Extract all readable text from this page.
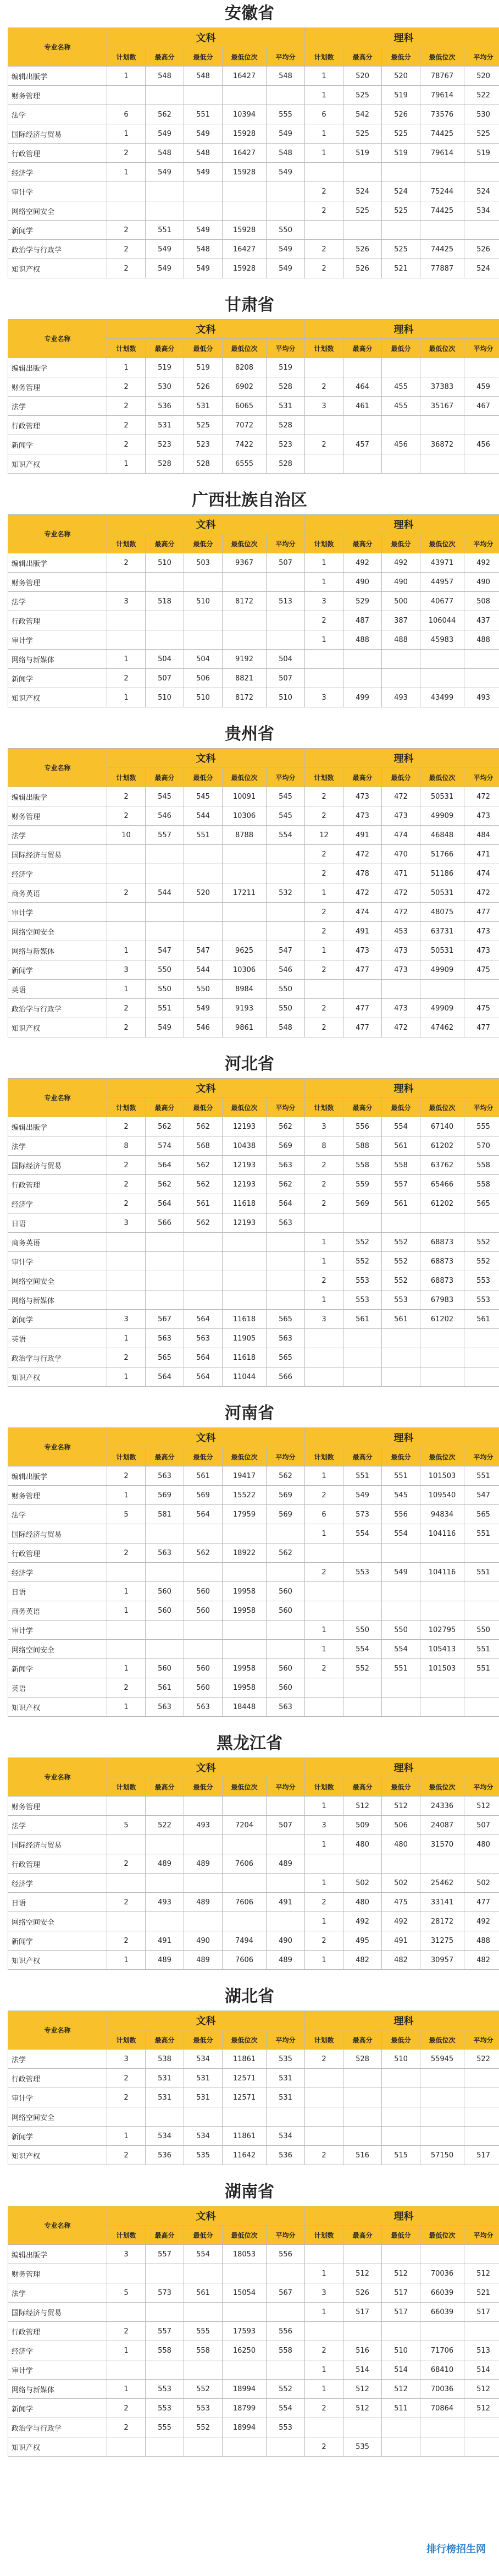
安徽省
专业名称	文科					理科				
	计划数	最高分	最低分	最低位次	平均分	计划数	最高分	最低分	最低位次	平均分
编辑出版学	1	548	548	16427	548	1	520	520	78767	520
财务管理						1	525	519	79614	522
法学	6	562	551	10394	555	6	542	526	73576	530
国际经济与贸易	1	549	549	15928	549	1	525	525	74425	525
行政管理	2	548	548	16427	548	1	519	519	79614	519
经济学	1	549	549	15928	549					
审计学						2	524	524	75244	524
网络空间安全						2	525	525	74425	534
新闻学	2	551	549	15928	550					
政治学与行政学	2	549	548	16427	549	2	526	525	74425	526
知识产权	2	549	549	15928	549	2	526	521	77887	524
甘肃省
专业名称	文科					理科				
	计划数	最高分	最低分	最低位次	平均分	计划数	最高分	最低分	最低位次	平均分
编辑出版学	1	519	519	8208	519					
财务管理	2	530	526	6902	528	2	464	455	37383	459
法学	2	536	531	6065	531	3	461	455	35167	467
行政管理	2	531	525	7072	528					
新闻学	2	523	523	7422	523	2	457	456	36872	456
知识产权	1	528	528	6555	528					
广西壮族自治区
专业名称	文科					理科				
	计划数	最高分	最低分	最低位次	平均分	计划数	最高分	最低分	最低位次	平均分
编辑出版学	2	510	503	9367	507	1	492	492	43971	492
财务管理						1	490	490	44957	490
法学	3	518	510	8172	513	3	529	500	40677	508
行政管理						2	487	387	106044	437
审计学						1	488	488	45983	488
网络与新媒体	1	504	504	9192	504					
新闻学	2	507	506	8821	507					
知识产权	1	510	510	8172	510	3	499	493	43499	493
贵州省
专业名称	文科					理科				
	计划数	最高分	最低分	最低位次	平均分	计划数	最高分	最低分	最低位次	平均分
编辑出版学	2	545	545	10091	545	2	473	472	50531	472
财务管理	2	546	544	10306	545	2	473	473	49909	473
法学	10	557	551	8788	554	12	491	474	46848	484
国际经济与贸易						2	472	470	51766	471
经济学						2	478	471	51186	474
商务英语	2	544	520	17211	532	1	472	472	50531	472
审计学						2	474	472	48075	477
网络空间安全						2	491	453	63731	473
网络与新媒体	1	547	547	9625	547	1	473	473	50531	473
新闻学	3	550	544	10306	546	2	477	473	49909	475
英语	1	550	550	8984	550					
政治学与行政学	2	551	549	9193	550	2	477	473	49909	475
知识产权	2	549	546	9861	548	2	477	472	47462	477
河北省
专业名称	文科					理科				
	计划数	最高分	最低分	最低位次	平均分	计划数	最高分	最低分	最低位次	平均分
编辑出版学	2	562	562	12193	562	3	556	554	67140	555
法学	8	574	568	10438	569	8	588	561	61202	570
国际经济与贸易	2	564	562	12193	563	2	558	558	63762	558
行政管理	2	562	562	12193	562	2	559	557	65466	558
经济学	2	564	561	11618	564	2	569	561	61202	565
日语	3	566	562	12193	563					
商务英语						1	552	552	68873	552
审计学						1	552	552	68873	552
网络空间安全						2	553	552	68873	553
网络与新媒体						1	553	553	67983	553
新闻学	3	567	564	11618	565	3	561	561	61202	561
英语	1	563	563	11905	563					
政治学与行政学	2	565	564	11618	565					
知识产权	1	564	564	11044	566					
河南省
专业名称	文科					理科				
	计划数	最高分	最低分	最低位次	平均分	计划数	最高分	最低分	最低位次	平均分
编辑出版学	2	563	561	19417	562	1	551	551	101503	551
财务管理	1	569	569	15522	569	2	549	545	109540	547
法学	5	581	564	17959	569	6	573	556	94834	565
国际经济与贸易						1	554	554	104116	551
行政管理	2	563	562	18922	562					
经济学						2	553	549	104116	551
日语	1	560	560	19958	560					
商务英语	1	560	560	19958	560					
审计学						1	550	550	102795	550
网络空间安全						1	554	554	105413	551
新闻学	1	560	560	19958	560	2	552	551	101503	551
英语	2	561	560	19958	560					
知识产权	1	563	563	18448	563					
黑龙江省
专业名称	文科					理科				
	计划数	最高分	最低分	最低位次	平均分	计划数	最高分	最低分	最低位次	平均分
财务管理						1	512	512	24336	512
法学	5	522	493	7204	507	3	509	506	24087	507
国际经济与贸易						1	480	480	31570	480
行政管理	2	489	489	7606	489					
经济学						1	502	502	25462	502
日语	2	493	489	7606	491	2	480	475	33141	477
网络空间安全						1	492	492	28172	492
新闻学	2	491	490	7494	490	2	495	491	31275	488
知识产权	1	489	489	7606	489	1	482	482	30957	482
湖北省
专业名称	文科					理科				
	计划数	最高分	最低分	最低位次	平均分	计划数	最高分	最低分	最低位次	平均分
法学	3	538	534	11861	535	2	528	510	55945	522
行政管理	2	531	531	12571	531					
审计学	2	531	531	12571	531					
网络空间安全										
新闻学	1	534	534	11861	534					
知识产权	2	536	535	11642	536	2	516	515	57150	517
湖南省
专业名称	文科					理科				
	计划数	最高分	最低分	最低位次	平均分	计划数	最高分	最低分	最低位次	平均分
编辑出版学	3	557	554	18053	556					
财务管理						1	512	512	70036	512
法学	5	573	561	15054	567	3	526	517	66039	521
国际经济与贸易						1	517	517	66039	517
行政管理	2	557	555	17593	556					
经济学	1	558	558	16250	558	2	516	510	71706	513
审计学						1	514	514	68410	514
网络与新媒体	1	553	552	18994	552	1	512	512	70036	512
新闻学	2	553	553	18799	554	2	512	511	70864	512
政治学与行政学	2	555	552	18994	553					
知识产权						2	535			
排行榜招生网
